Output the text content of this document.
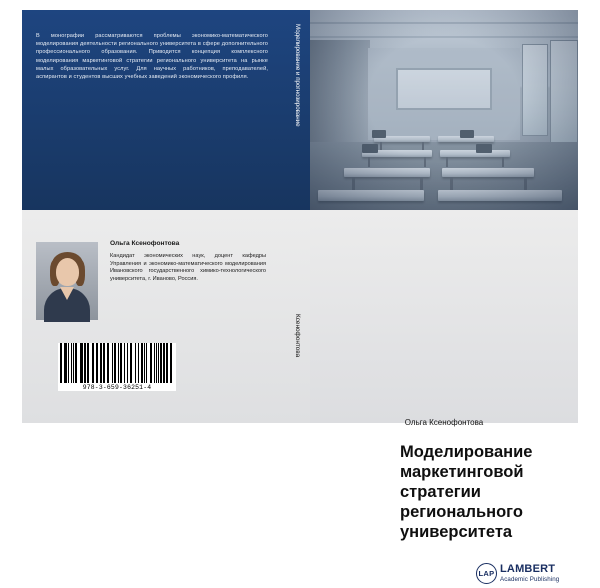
В монографии рассматриваются проблемы экономико-математического моделирования деятельности регионального университета в сфере дополнительного профессионального образования. Приводится концепция комплексного моделирования маркетинговой стратегии регионального университета на рынке малых образовательных услуг. Для научных работников, преподавателей, аспирантов и студентов высших учебных заведений экономического профиля.
Ольга Ксенофонтова
Кандидат экономических наук, доцент кафедры Управления и экономико-математического моделирования Ивановского государственного химико-технологического университета, г. Иваново, Россия.
978-3-659-36251-4
Моделирование и прогнозирование
Ксенофонтова
Ольга Ксенофонтова
Моделирование маркетинговой стратегии регионального университета
LAP LAMBERT
Academic Publishing
